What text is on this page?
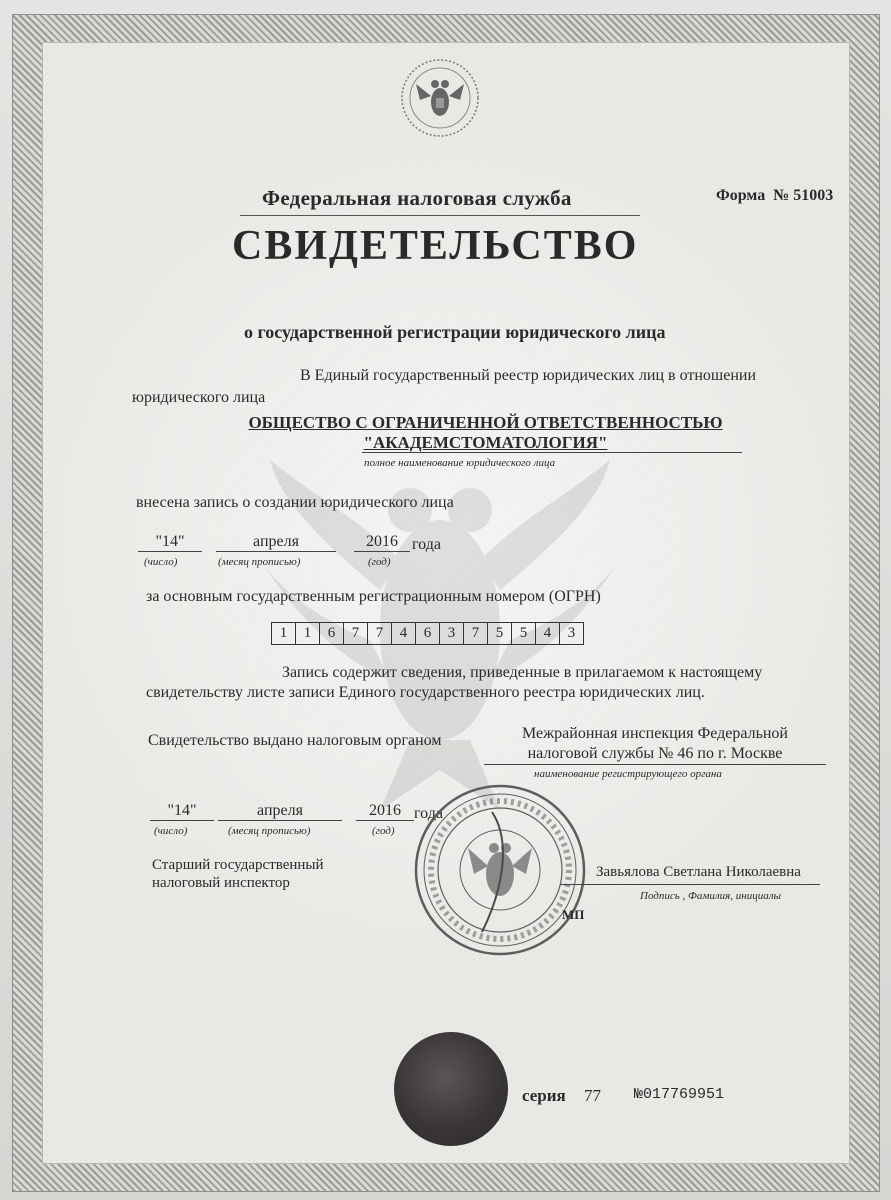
Федеральная налоговая служба	Форма № 51003
СВИДЕТЕЛЬСТВО
о государственной регистрации юридического лица
В Единый государственный реестр юридических лиц в отношении
юридического лица
ОБЩЕСТВО С ОГРАНИЧЕННОЙ ОТВЕТСТВЕННОСТЬЮ
"АКАДЕМСТОМАТОЛОГИЯ"
полное наименование юридического лица
внесена запись о создании юридического лица
"14"	апреля	2016 года
(число)	(месяц прописью)	(год)
за основным государственным регистрационным номером (ОГРН)
1	1	6	7	7	4	6	3	7	5	5	4	3
Запись содержит сведения, приведенные в прилагаемом к настоящему
свидетельству листе записи Единого государственного реестра юридических лиц.
Свидетельство выдано налоговым органом	Межрайонная инспекция Федеральной
налоговой службы № 46 по г. Москве
наименование регистрирующего органа
"14"	апреля	2016 года
(число)	(месяц прописью)	(год)
Старший государственный
налоговый инспектор
Завьялова Светлана Николаевна
Подпись , Фамилия, инициалы
МП
серия 77 №017769951
